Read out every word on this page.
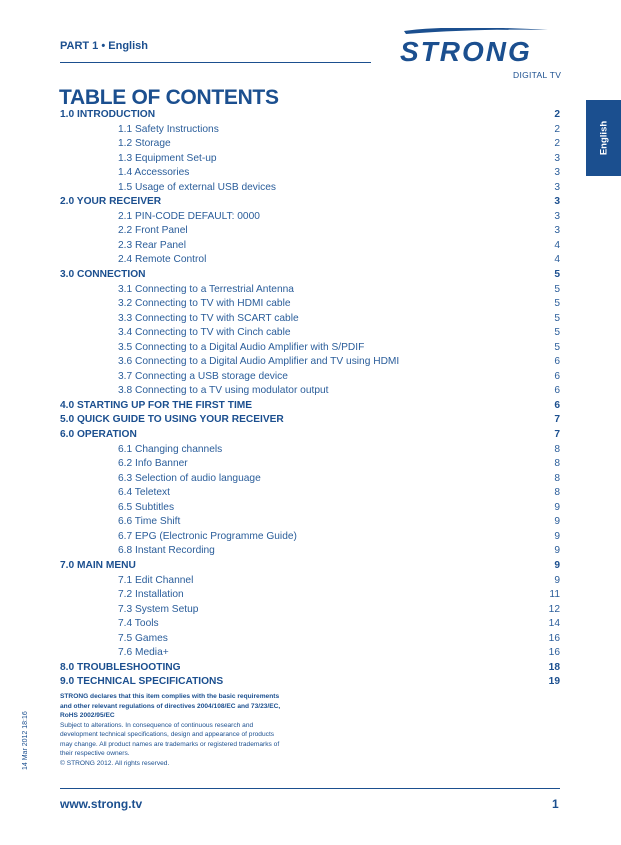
PART 1 • English	STRONG
DIGITAL TV
English
TABLE OF CONTENTS
1.0 INTRODUCTION	2
1.1 Safety Instructions	2
1.2 Storage	2
1.3 Equipment Set-up	3
1.4 Accessories	3
1.5 Usage of external USB devices	3
2.0 YOUR RECEIVER	3
2.1 PIN-CODE DEFAULT: 0000	3
2.2 Front Panel	3
2.3 Rear Panel	4
2.4 Remote Control	4
3.0 CONNECTION	5
3.1 Connecting to a Terrestrial Antenna	5
3.2 Connecting to TV with HDMI cable	5
3.3 Connecting to TV with SCART cable	5
3.4 Connecting to TV with Cinch cable	5
3.5 Connecting to a Digital Audio Amplifier with S/PDIF	5
3.6 Connecting to a Digital Audio Amplifier and TV using HDMI	6
3.7 Connecting a USB storage device	6
3.8 Connecting to a TV using modulator output	6
4.0 STARTING UP FOR THE FIRST TIME	6
5.0 QUICK GUIDE TO USING YOUR RECEIVER	7
6.0 OPERATION	7
6.1 Changing channels	8
6.2 Info Banner	8
6.3 Selection of audio language	8
6.4 Teletext	8
6.5 Subtitles	9
6.6 Time Shift	9
6.7 EPG (Electronic Programme Guide)	9
6.8 Instant Recording	9
7.0 MAIN MENU	9
7.1 Edit Channel	9
7.2 Installation	11
7.3 System Setup	12
7.4 Tools	14
7.5 Games	16
7.6 Media+	16
8.0 TROUBLESHOOTING	18
9.0 TECHNICAL SPECIFICATIONS	19
STRONG declares that this item complies with the basic requirements
and other relevant regulations of directives 2004/108/EC and 73/23/EC,
RoHS 2002/95/EC
Subject to alterations. In consequence of continuous research and
development technical specifications, design and appearance of products
may change. All product names are trademarks or registered trademarks of
their respective owners.
© STRONG 2012. All rights reserved.
14 Mar 2012 18:16
www.strong.tv	1
